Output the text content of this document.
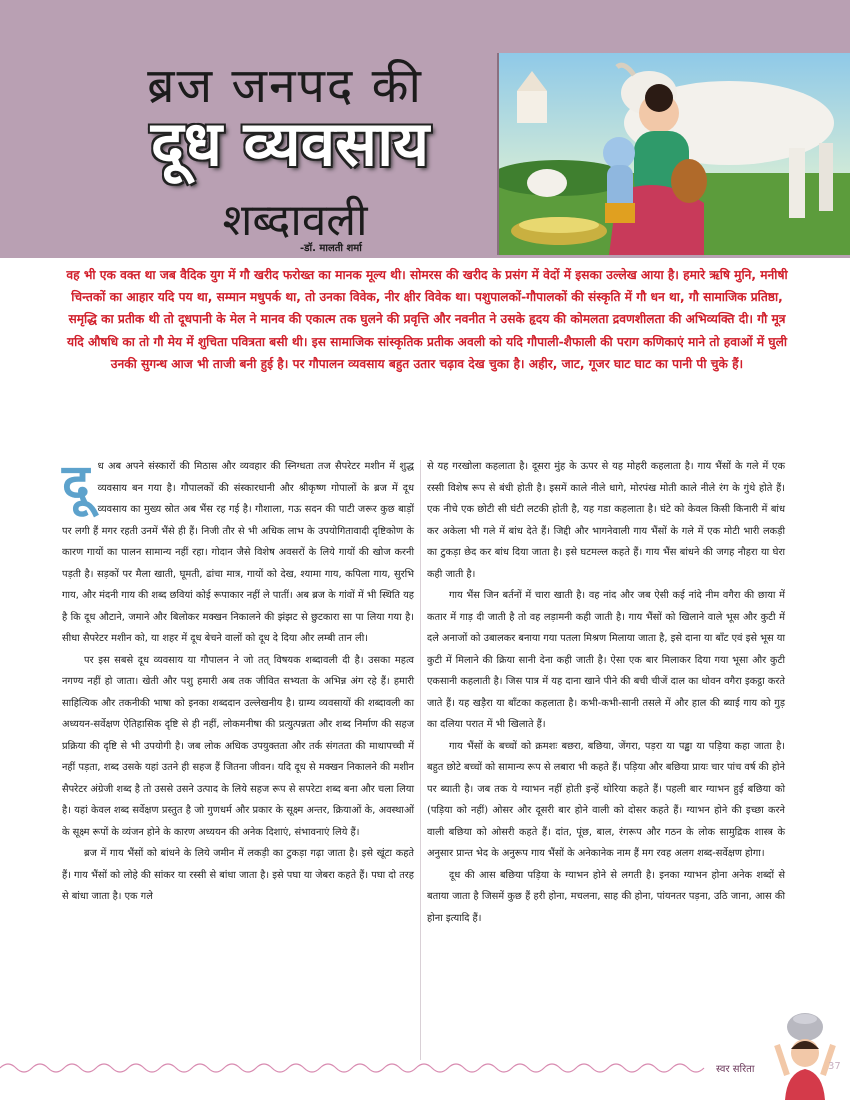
ब्रज जनपद की
दूध व्यवसाय
शब्दावली
-डॉ. मालती शर्मा
वह भी एक वक्त था जब वैदिक युग में गौ खरीद फरोख्त का मानक मूल्य थी। सोमरस की खरीद के प्रसंग में वेदों में इसका उल्लेख आया है। हमारे ऋषि मुनि, मनीषी चिन्तकों का आहार यदि पय था, सम्मान मधुपर्क था, तो उनका विवेक, नीर क्षीर विवेक था। पशुपालकों-गौपालकों की संस्कृति में गौ धन था, गौ सामाजिक प्रतिष्ठा, समृद्धि का प्रतीक थी तो दूधपानी के मेल ने मानव की एकात्म तक घुलने की प्रवृत्ति और नवनीत ने उसके हृदय की कोमलता द्रवणशीलता की अभिव्यक्ति दी। गौ मूत्र यदि औषधि का तो गौ मेय में शुचिता पवित्रता बसी थी। इस सामाजिक सांस्कृतिक प्रतीक अवली को यदि गौपाली-शैफाली की पराग कणिकाएं माने तो हवाओं में घुली उनकी सुगन्ध आज भी ताजी बनी हुई है। पर गौपालन व्यवसाय बहुत उतार चढ़ाव देख चुका है। अहीर, जाट, गूजर घाट घाट का पानी पी चुके हैं।

दूध अब अपने संस्कारों की मिठास और व्यवहार की स्निग्धता तज सैपरेटर मशीन में शुद्ध व्यवसाय बन गया है। गौपालकों की संस्कारधानी और श्रीकृष्ण गोपालों के ब्रज में दूध व्यवसाय का मुख्य स्रोत अब भैंस रह गई है। गौशाला, गऊ सदन की पाटी जरूर कुछ बाड़ों पर लगी हैं मगर रहती उनमें भैंसे ही हैं। निजी तौर से भी अधिक लाभ के उपयोगितावादी दृष्टिकोण के कारण गायों का पालन सामान्य नहीं रहा। गोदान जैसे विशेष अवसरों के लिये गायों की खोज करनी पड़ती है। सड़कों पर मैला खाती, घूमती, ढांचा मात्र, गायों को देख, श्यामा गाय, कपिला गाय, सुरभि गाय, और मंदनी गाय की शब्द छवियां कोई रूपाकार नहीं ले पातीं। अब ब्रज के गांवों में भी स्थिति यह है कि दूध औटाने, जमाने और बिलोकर मक्खन निकालने की झंझट से छुटकारा सा पा लिया गया है। सीधा सैपरेटर मशीन को, या शहर में दूध बेचने वालों को दूध दे दिया और लम्बी तान ली।

पर इस सबसे दूध व्यवसाय या गौपालन ने जो तत् विषयक शब्दावली दी है। उसका महत्व नगण्य नहीं हो जाता। खेती और पशु हमारी अब तक जीवित सभ्यता के अभिन्न अंग रहे हैं। हमारी साहित्यिक और तकनीकी भाषा को इनका शब्ददान उल्लेखनीय है। ग्राम्य व्यवसायों की शब्दावली का अध्ययन-सर्वेक्षण ऐतिहासिक दृष्टि से ही नहीं, लोकमनीषा की प्रत्युत्पन्नता और शब्द निर्माण की सहज प्रक्रिया की दृष्टि से भी उपयोगी है। जब लोक अधिक उपयुक्तता और तर्क संगतता की माथापच्ची में नहीं पड़ता, शब्द उसके यहां उतने ही सहज हैं जितना जीवन। यदि दूध से मक्खन निकालने की मशीन सैपरेटर अंग्रेजी शब्द है तो उससे उसने उत्पाद के लिये सहज रूप से सपरेटा शब्द बना और चला लिया है। यहां केवल शब्द सर्वेक्षण प्रस्तुत है जो गुणधर्म और प्रकार के सूक्ष्म अन्तर, क्रियाओं के, अवस्थाओं के सूक्ष्म रूपों के व्यंजन होने के कारण अध्ययन की अनेक दिशाएं, संभावनाएं लिये हैं।

ब्रज में गाय भैंसों को बांधने के लिये जमीन में लकड़ी का टुकड़ा गढ़ा जाता है। इसे खूंटा कहते हैं। गाय भैंसों को लोहे की सांकर या रस्सी से बांधा जाता है। इसे पघा या जेबरा कहते हैं। पघा दो तरह से बांधा जाता है। एक गले

से यह गरखोला कहलाता है। दूसरा मुंह के ऊपर से यह मोहरी कहलाता है। गाय भैंसों के गले में एक रस्सी विशेष रूप से बंधी होती है। इसमें काले नीले धागे, मोरपंख मोती काले नीले रंग के गुंथे होते हैं। एक नीचे एक छोटी सी घंटी लटकी होती है, यह गडा कहलाता है। घंटे को केवल किसी किनारी में बांध कर अकेला भी गले में बांध देते हैं। जिद्दी और भागनेवाली गाय भैंसों के गले में एक मोटी भारी लकड़ी का टुकड़ा छेद कर बांध दिया जाता है। इसे घटमल्ल कहते हैं। गाय भैंस बांधने की जगह नौहरा या घेरा कही जाती है।

गाय भैंस जिन बर्तनों में चारा खाती है। वह नांद और जब ऐसी कई नांदे नीम वगैरा की छाया में कतार में गाड़ दी जाती है तो वह लड़ामनी कही जाती है। गाय भैंसों को खिलाने वाले भूस और कुटी में दले अनाजों को उबालकर बनाया गया पतला मिश्रण मिलाया जाता है, इसे दाना या बाँट एवं इसे भूस या कुटी में मिलाने की क्रिया सानी देना कही जाती है। ऐसा एक बार मिलाकर दिया गया भूसा और कुटी एकसानी कहलाती है। जिस पात्र में यह दाना खाने पीने की बची चीजें दाल का धोवन वगैरा इकट्ठा करते जाते हैं। यह खड़ैरा या बाँटका कहलाता है। कभी-कभी-सानी तसले में और हाल की ब्याई गाय को गुड़ का दलिया परात में भी खिलाते हैं।

गाय भैंसों के बच्चों को क्रमशः बछरा, बछिया, जेंगरा, पड़रा या पड्ढा या पड़िया कहा जाता है। बहुत छोटे बच्चों को सामान्य रूप से लबारा भी कहते हैं। पड़िया और बछिया प्रायः चार पांच वर्ष की होने पर ब्याती है। जब तक ये ग्याभन नहीं होती इन्हें थोरिया कहते हैं। पहली बार ग्याभन हुई बछिया को (पड़िया को नहीं) ओसर और दूसरी बार होने वाली को दोसर कहते हैं। ग्याभन होने की इच्छा करने वाली बछिया को ओसरी कहते हैं। दांत, पूंछ, बाल, रंगरूप और गठन के लोक सामुद्रिक शास्त्र के अनुसार प्रान्त भेद के अनुरूप गाय भैंसों के अनेकानेक नाम हैं मग रवह अलग शब्द-सर्वेक्षण होगा।

दूध की आस बछिया पड़िया के ग्याभन होने से लगती है। इनका ग्याभन होना अनेक शब्दों से बताया जाता है जिसमें कुछ हैं हरी होना, मचलना, साह की होना, पांयनतर पड़ना, उठि जाना, आस की होना इत्यादि हैं।

स्वर सरिता	37
